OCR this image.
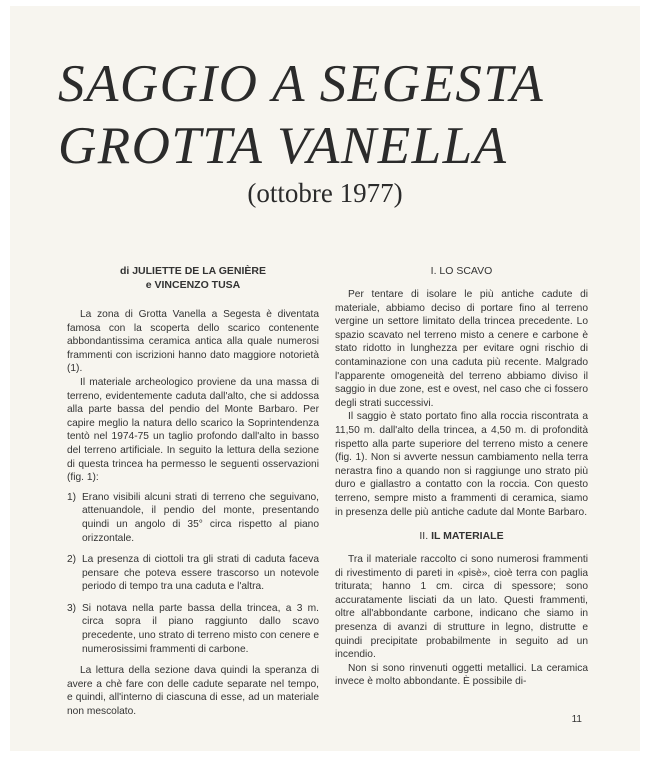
SAGGIO A SEGESTA
GROTTA VANELLA
(ottobre 1977)
di JULIETTE DE LA GENIÈRE
e VINCENZO TUSA

La zona di Grotta Vanella a Segesta è diventata famosa con la scoperta dello scarico contenente abbondantissima ceramica antica alla quale numerosi frammenti con iscrizioni hanno dato maggiore notorietà (1).

Il materiale archeologico proviene da una massa di terreno, evidentemente caduta dall'alto, che si addossa alla parte bassa del pendio del Monte Barbaro. Per capire meglio la natura dello scarico la Soprintendenza tentò nel 1974-75 un taglio profondo dall'alto in basso del terreno artificiale. In seguito la lettura della sezione di questa trincea ha permesso le seguenti osservazioni (fig. 1):

1) Erano visibili alcuni strati di terreno che seguivano, attenuandole, il pendio del monte, presentando quindi un angolo di 35° circa rispetto al piano orizzontale.
2) La presenza di ciottoli tra gli strati di caduta faceva pensare che poteva essere trascorso un notevole periodo di tempo tra una caduta e l'altra.
3) Si notava nella parte bassa della trincea, a 3 m. circa sopra il piano raggiunto dallo scavo precedente, uno strato di terreno misto con cenere e numerosissimi frammenti di carbone.

La lettura della sezione dava quindi la speranza di avere a chè fare con delle cadute separate nel tempo, e quindi, all'interno di ciascuna di esse, ad un materiale non mescolato.

I. LO SCAVO

Per tentare di isolare le più antiche cadute di materiale, abbiamo deciso di portare fino al terreno vergine un settore limitato della trincea precedente. Lo spazio scavato nel terreno misto a cenere e carbone è stato ridotto in lunghezza per evitare ogni rischio di contaminazione con una caduta più recente. Malgrado l'apparente omogeneità del terreno abbiamo diviso il saggio in due zone, est e ovest, nel caso che ci fossero degli strati successivi.

Il saggio è stato portato fino alla roccia riscontrata a 11,50 m. dall'alto della trincea, a 4,50 m. di profondità rispetto alla parte superiore del terreno misto a cenere (fig. 1). Non si avverte nessun cambiamento nella terra nerastra fino a quando non si raggiunge uno strato più duro e giallastro a contatto con la roccia. Con questo terreno, sempre misto a frammenti di ceramica, siamo in presenza delle più antiche cadute dal Monte Barbaro.

II. IL MATERIALE

Tra il materiale raccolto ci sono numerosi frammenti di rivestimento di pareti in «pisè», cioè terra con paglia triturata; hanno 1 cm. circa di spessore; sono accuratamente lisciati da un lato. Questi frammenti, oltre all'abbondante carbone, indicano che siamo in presenza di avanzi di strutture in legno, distrutte e quindi precipitate probabilmente in seguito ad un incendio.

Non si sono rinvenuti oggetti metallici. La ceramica invece è molto abbondante. È possibile di-

11
